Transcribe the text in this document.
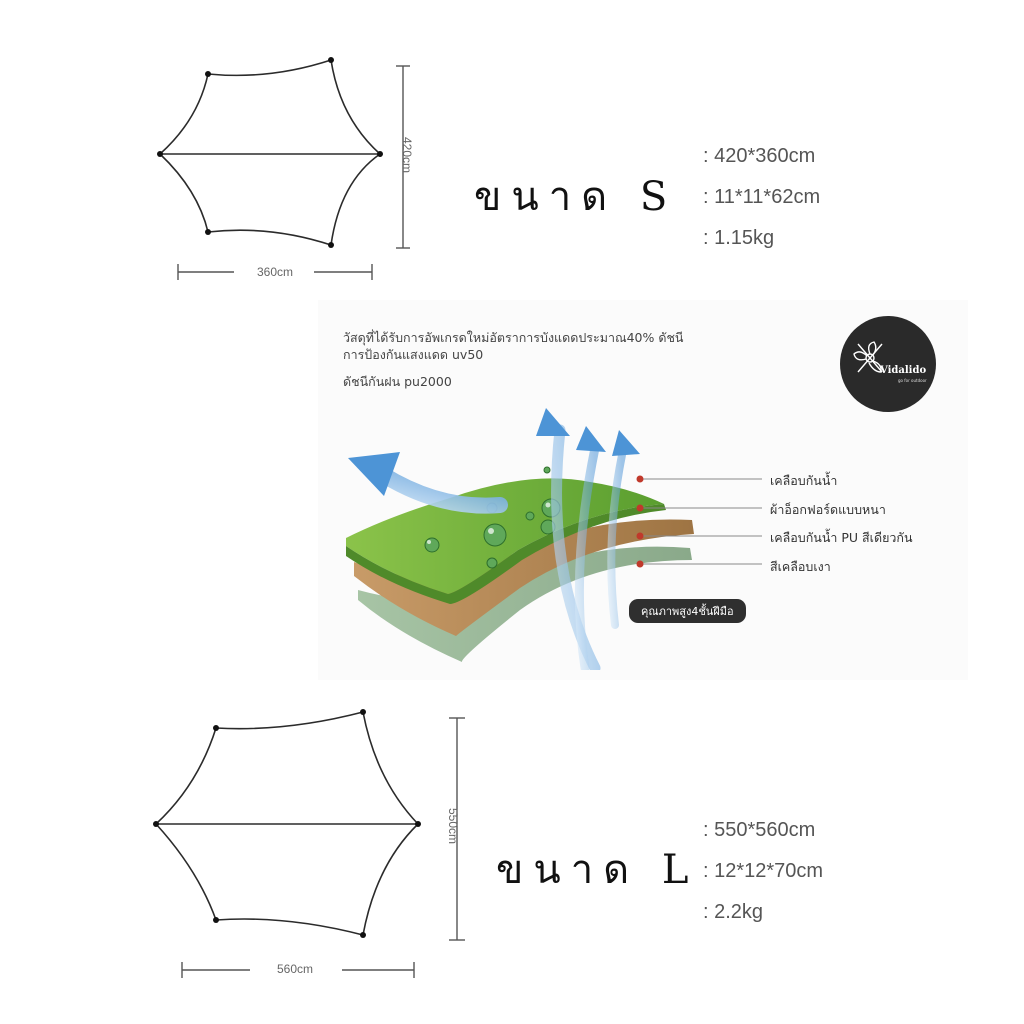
420cm
360cm
ขนาด S
: 420*360cm
: 11*11*62cm
: 1.15kg
วัสดุที่ได้รับการอัพเกรดใหม่อัตราการบังแดดประมาณ40% ดัชนี
การป้องกันแสงแดด uv50
ดัชนีกันฝน pu2000
Vidalido
go for outdoor
เคลือบกันน้ำ
ผ้าอ็อกฟอร์ดแบบหนา
เคลือบกันน้ำ PU สีเดียวกัน
สีเคลือบเงา
คุณภาพสูง4ชั้นฝีมือ
550cm
560cm
ขนาด L
: 550*560cm
: 12*12*70cm
: 2.2kg
